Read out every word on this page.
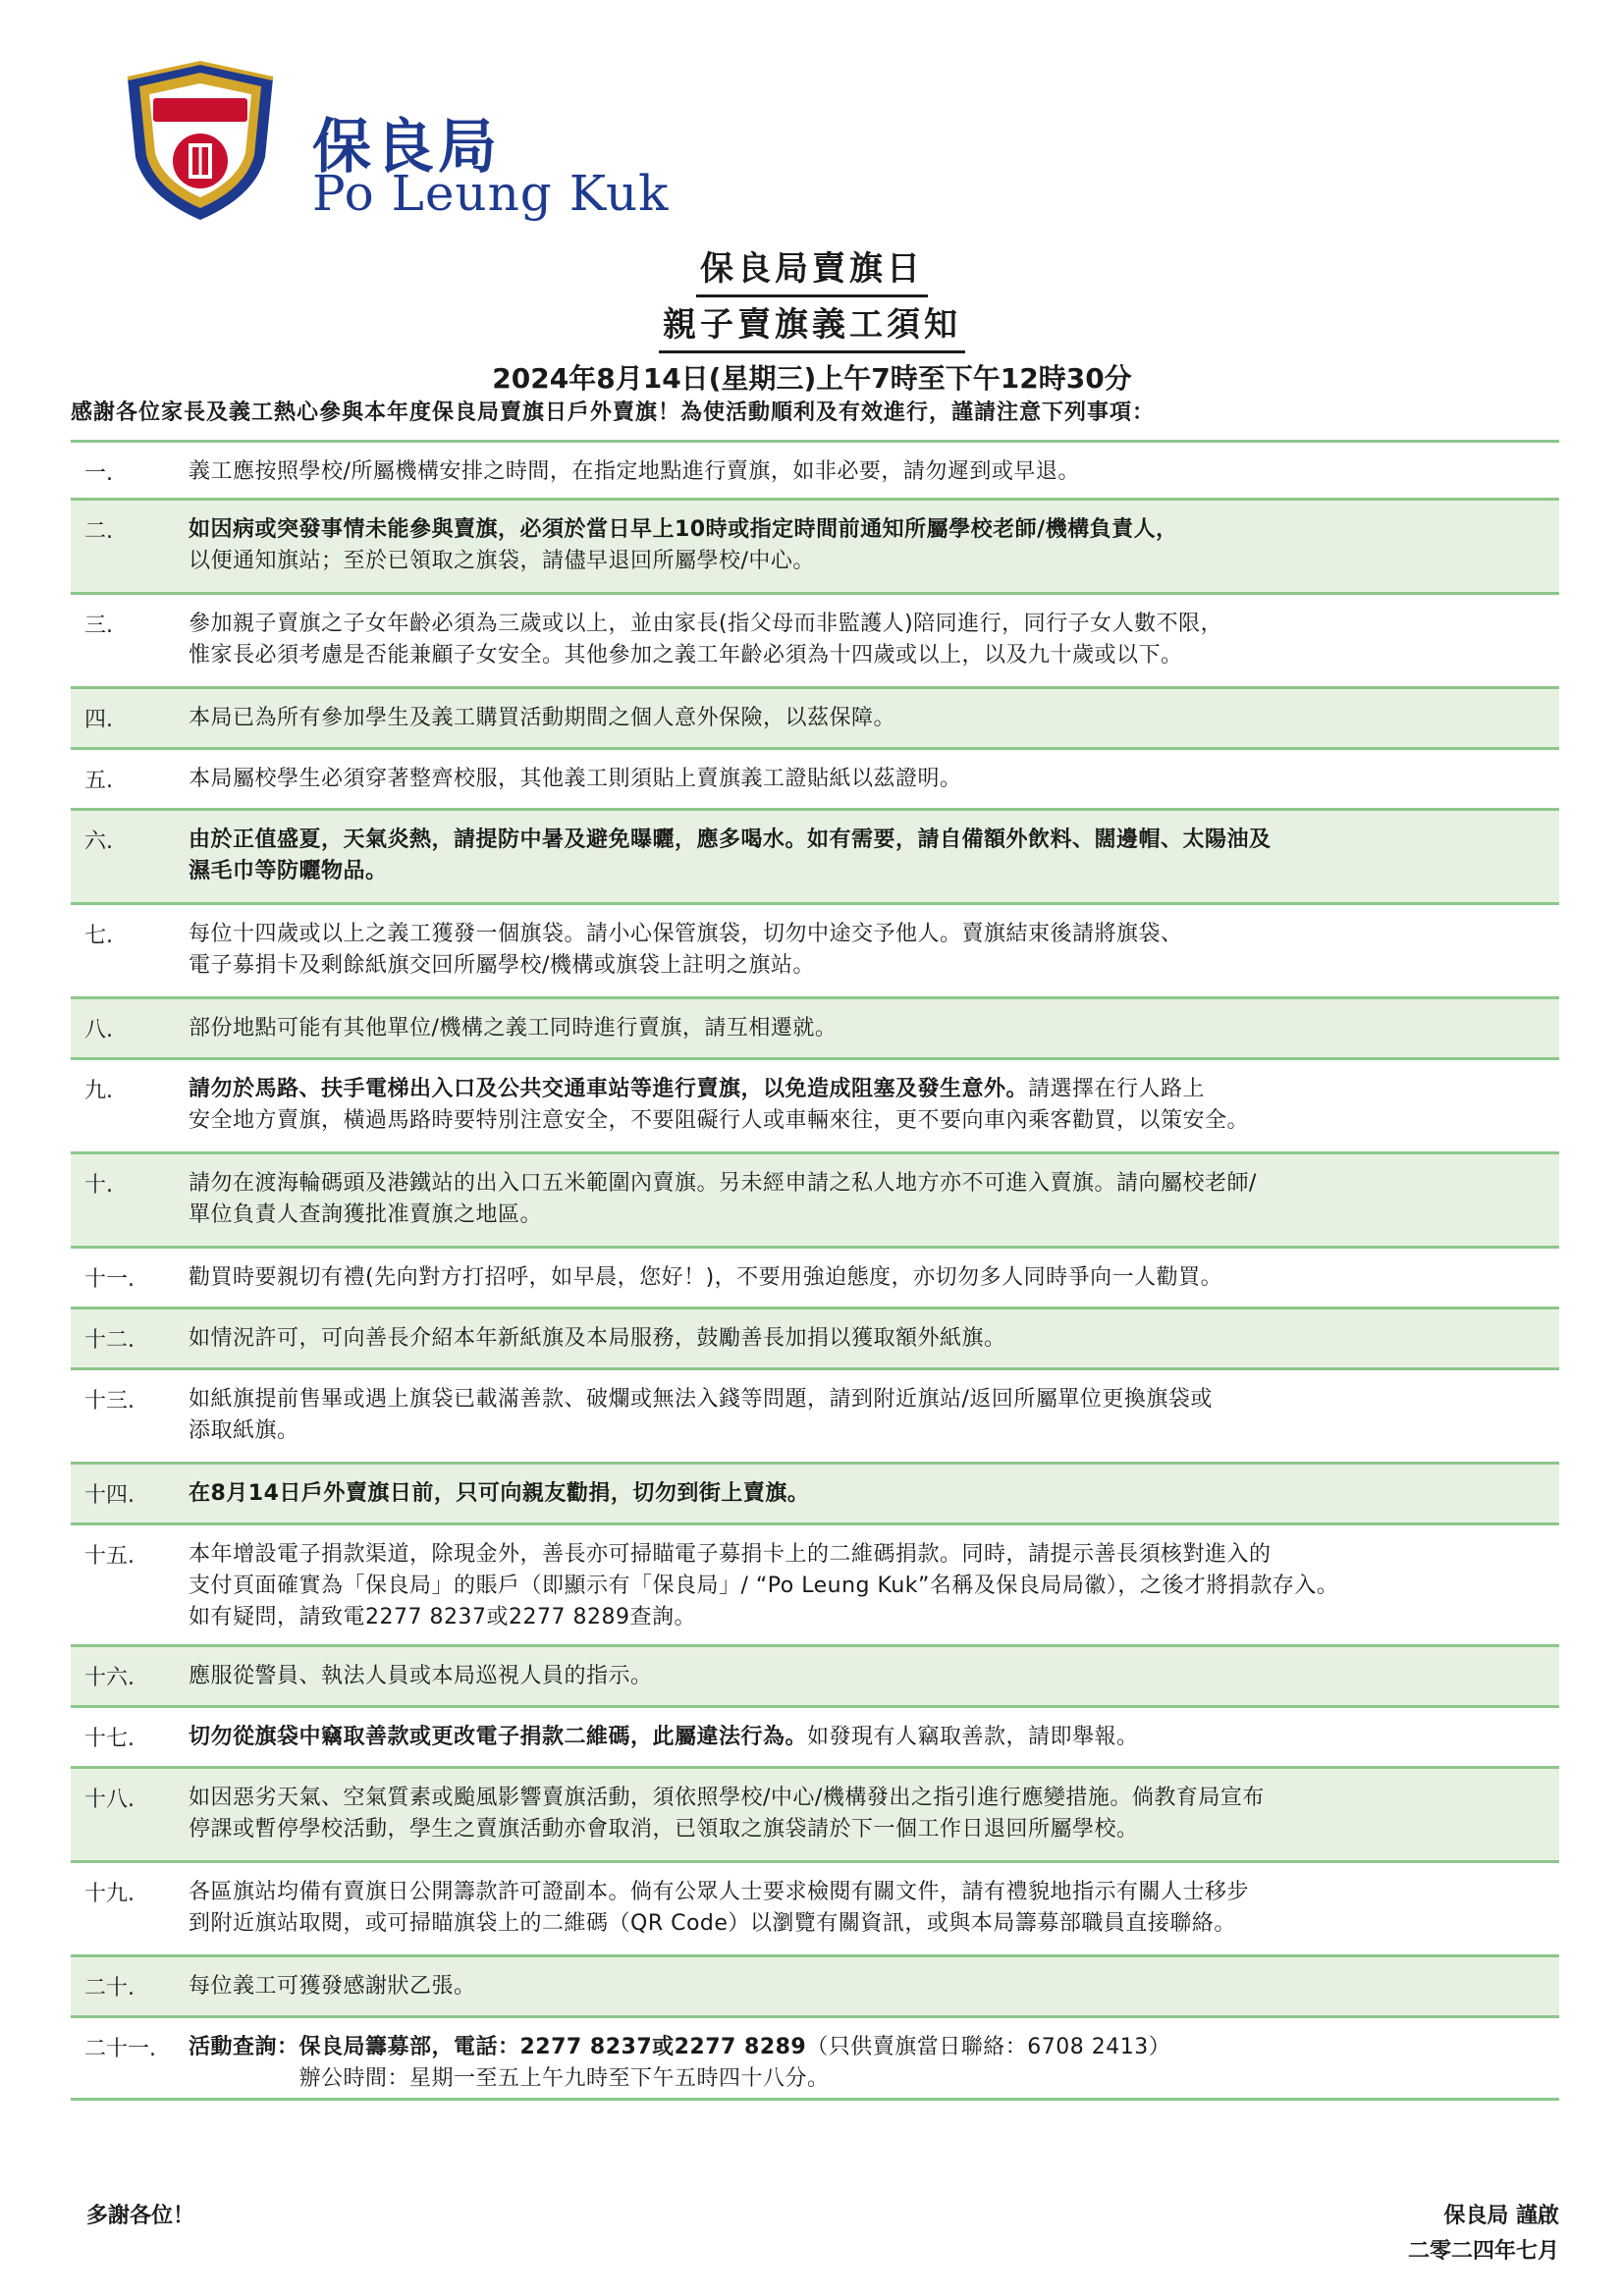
保良局
Po Leung Kuk
保良局賣旗日
親子賣旗義工須知
2024年8月14日(星期三)上午7時至下午12時30分
感謝各位家長及義工熱心參與本年度保良局賣旗日戶外賣旗！為使活動順利及有效進行，謹請注意下列事項：
一.	義工應按照學校/所屬機構安排之時間，在指定地點進行賣旗，如非必要，請勿遲到或早退。
二.	如因病或突發事情未能參與賣旗，必須於當日早上10時或指定時間前通知所屬學校老師/機構負責人，
以便通知旗站；至於已領取之旗袋，請儘早退回所屬學校/中心。
三.	參加親子賣旗之子女年齡必須為三歲或以上，並由家長(指父母而非監護人)陪同進行，同行子女人數不限，
惟家長必須考慮是否能兼顧子女安全。其他參加之義工年齡必須為十四歲或以上，以及九十歲或以下。
四.	本局已為所有參加學生及義工購買活動期間之個人意外保險，以茲保障。
五.	本局屬校學生必須穿著整齊校服，其他義工則須貼上賣旗義工證貼紙以茲證明。
六.	由於正值盛夏，天氣炎熱，請提防中暑及避免曝曬，應多喝水。如有需要，請自備額外飲料、闊邊帽、太陽油及
濕毛巾等防曬物品。
七.	每位十四歲或以上之義工獲發一個旗袋。請小心保管旗袋，切勿中途交予他人。賣旗結束後請將旗袋、
電子募捐卡及剩餘紙旗交回所屬學校/機構或旗袋上註明之旗站。
八.	部份地點可能有其他單位/機構之義工同時進行賣旗，請互相遷就。
九.	請勿於馬路、扶手電梯出入口及公共交通車站等進行賣旗，以免造成阻塞及發生意外。請選擇在行人路上
安全地方賣旗，橫過馬路時要特別注意安全，不要阻礙行人或車輛來往，更不要向車內乘客勸買，以策安全。
十.	請勿在渡海輪碼頭及港鐵站的出入口五米範圍內賣旗。另未經申請之私人地方亦不可進入賣旗。請向屬校老師/
單位負責人查詢獲批准賣旗之地區。
十一.	勸買時要親切有禮(先向對方打招呼，如早晨，您好！)，不要用強迫態度，亦切勿多人同時爭向一人勸買。
十二.	如情況許可，可向善長介紹本年新紙旗及本局服務，鼓勵善長加捐以獲取額外紙旗。
十三.	如紙旗提前售畢或遇上旗袋已載滿善款、破爛或無法入錢等問題，請到附近旗站/返回所屬單位更換旗袋或
添取紙旗。
十四.	在8月14日戶外賣旗日前，只可向親友勸捐，切勿到街上賣旗。
十五.	本年增設電子捐款渠道，除現金外，善長亦可掃瞄電子募捐卡上的二維碼捐款。同時，請提示善長須核對進入的
支付頁面確實為「保良局」的賬戶（即顯示有「保良局」/ “Po Leung Kuk”名稱及保良局局徽），之後才將捐款存入。
如有疑問，請致電2277 8237或2277 8289查詢。
十六.	應服從警員、執法人員或本局巡視人員的指示。
十七.	切勿從旗袋中竊取善款或更改電子捐款二維碼，此屬違法行為。如發現有人竊取善款，請即舉報。
十八.	如因惡劣天氣、空氣質素或颱風影響賣旗活動，須依照學校/中心/機構發出之指引進行應變措施。倘教育局宣布
停課或暫停學校活動，學生之賣旗活動亦會取消，已領取之旗袋請於下一個工作日退回所屬學校。
十九.	各區旗站均備有賣旗日公開籌款許可證副本。倘有公眾人士要求檢閱有關文件，請有禮貌地指示有關人士移步
到附近旗站取閱，或可掃瞄旗袋上的二維碼（QR Code）以瀏覽有關資訊，或與本局籌募部職員直接聯絡。
二十.	每位義工可獲發感謝狀乙張。
二十一. 活動查詢：保良局籌募部，電話：2277 8237或2277 8289（只供賣旗當日聯絡：6708 2413）
　　　　　辦公時間：星期一至五上午九時至下午五時四十八分。
多謝各位！	保良局 謹啟
二零二四年七月
